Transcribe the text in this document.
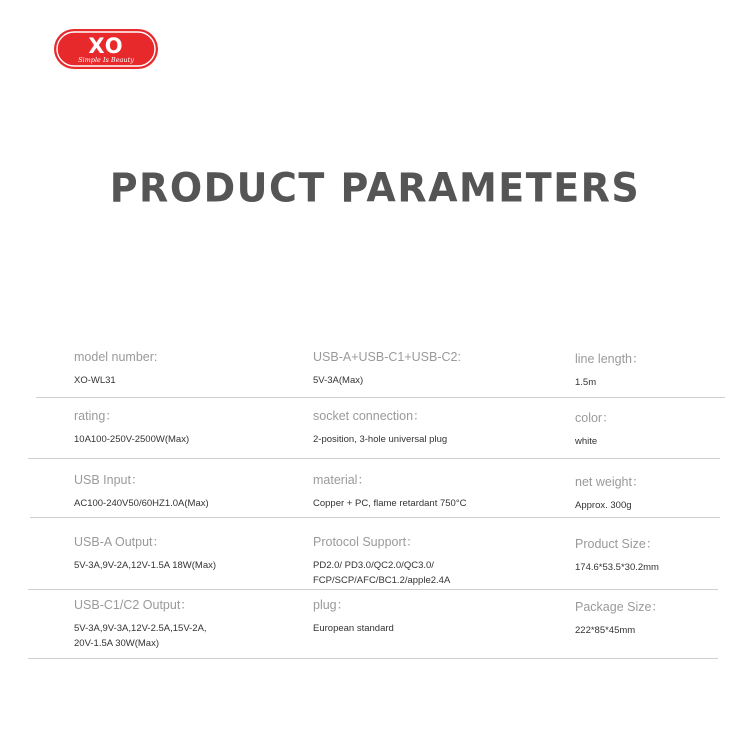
XO
Simple Is Beauty
PRODUCT PARAMETERS
model number:
XO-WL31
USB-A+USB-C1+USB-C2:
5V-3A(Max)
line length：
1.5m
rating：
10A100-250V-2500W(Max)
socket connection：
2-position, 3-hole universal plug
color：
white
USB Input：
AC100-240V50/60HZ1.0A(Max)
material：
Copper + PC, flame retardant 750°C
net weight：
Approx. 300g
USB-A Output：
5V-3A,9V-2A,12V-1.5A 18W(Max)
Protocol Support：
PD2.0/ PD3.0/QC2.0/QC3.0/
FCP/SCP/AFC/BC1.2/apple2.4A
Product Size：
174.6*53.5*30.2mm
USB-C1/C2 Output：
5V-3A,9V-3A,12V-2.5A,15V-2A,
20V-1.5A 30W(Max)
plug：
European standard
Package Size：
222*85*45mm
